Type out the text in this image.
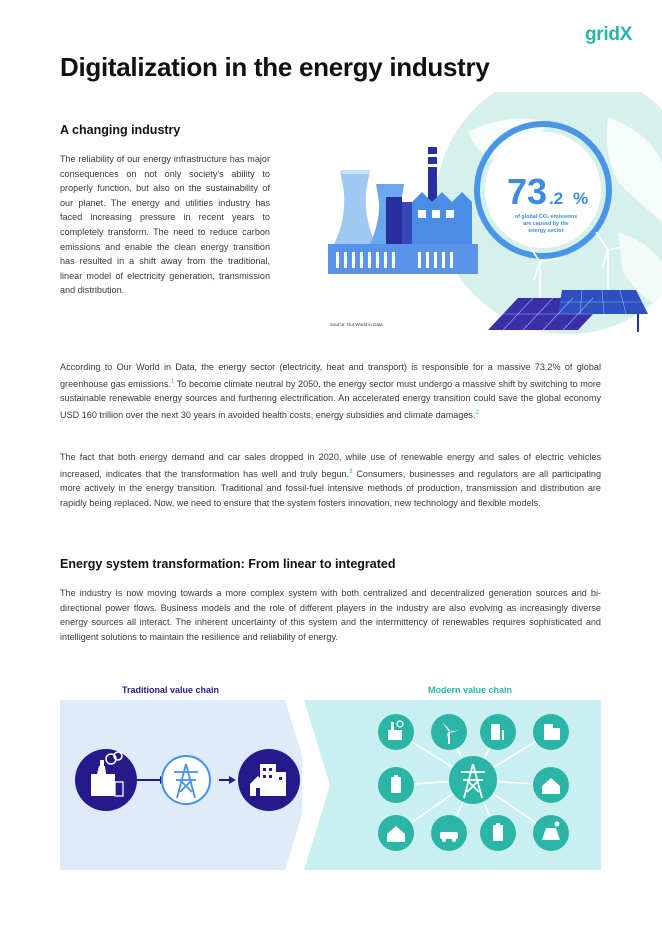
gridX
Digitalization in the energy industry
A changing industry
The reliability of our energy infrastructure has major consequences on not only society's ability to properly function, but also on the sustainability of our planet. The energy and utilities industry has faced increasing pressure in recent years to completely transform. The need to reduce carbon emissions and enable the clean energy transition has resulted in a shift away from the traditional, linear model of electricity generation, transmission and distribution.
73 .2 %
of global CO₂ emissions
are caused by the
energy sector
Source: Our World in Data
According to Our World in Data, the energy sector (electricity, heat and transport) is responsible for a massive 73.2% of global greenhouse gas emissions.$^1$ To become climate neutral by 2050, the energy sector must undergo a massive shift by switching to more sustainable renewable energy sources and furthering electrification. An accelerated energy transition could save the global economy USD 160 trillion over the next 30 years in avoided health costs, energy subsidies and climate damages.$^2$
The fact that both energy demand and car sales dropped in 2020, while use of renewable energy and sales of electric vehicles increased, indicates that the transformation has well and truly begun.$^3$ Consumers, businesses and regulators are all participating more actively in the energy transition. Traditional and fossil-fuel intensive methods of production, transmission and distribution are rapidly being replaced. Now, we need to ensure that the system fosters innovation, new technology and flexible models.
Energy system transformation: From linear to integrated
The industry is now moving towards a more complex system with both centralized and decentralized generation sources and bi-directional power flows. Business models and the role of different players in the industry are also evolving as increasingly diverse energy sources all interact. The inherent uncertainty of this system and the intermittency of renewables requires sophisticated and intelligent solutions to maintain the resilience and reliability of energy.
Traditional value chain	Modern value chain
